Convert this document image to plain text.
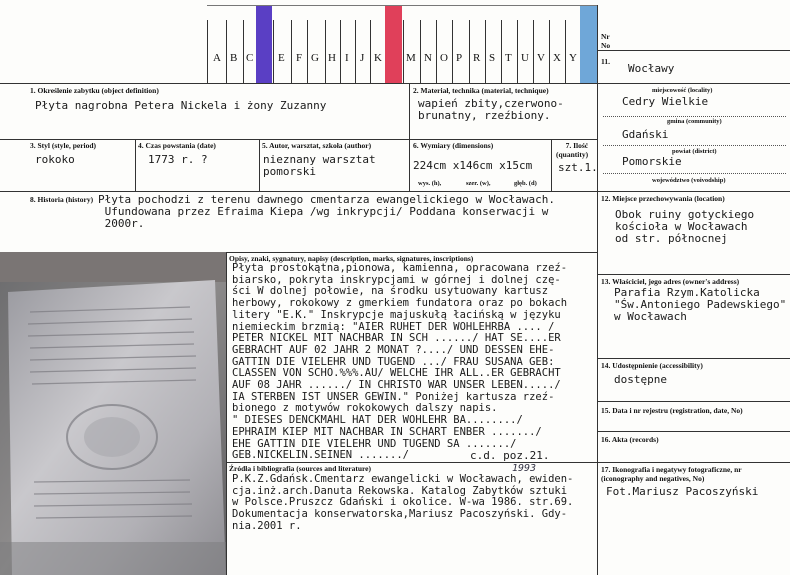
A B C E F G H I J K M N O P R S T U V X Y
Nr
No
11.
Wocławy
1. Określenie zabytku (object definition)
Płyta nagrobna Petera Nickela i żony Zuzanny
2. Materiał, technika (material, technique)
wapień zbity,czerwono-
brunatny, rzeźbiony.
3. Styl (style, period)
rokoko
4. Czas powstania (date)
1773 r. ?
5. Autor, warsztat, szkoła (author)
nieznany warsztat
pomorski
6. Wymiary (dimensions)
224cm x146cm x15cm
wys. (h),	szer. (w),	głęb. (d)
7. Ilość
(quantity)
szt.1.
8. Historia (history) Płyta pochodzi z terenu dawnego cmentarza ewangelickiego w Wocławach.
Ufundowana przez Efraima Kiepa /wg inkrypcji/ Poddana konserwacji w
2000r.
Opisy, znaki, sygnatury, napisy (description, marks, signatures, inscriptions)
Płyta prostokątna,pionowa, kamienna, opracowana rzeź-
biarsko, pokryta inskrypcjami w górnej i dolnej czę-
ści W dolnej połowie, na środku usytuowany kartusz
herbowy, rokokowy z gmerkiem fundatora oraz po bokach
litery "E.K." Inskrypcje majuskułą łacińską w języku
niemieckim brzmią: "AIER RUHET DER WOHLEHRBA .... /
PETER NICKEL MIT NACHBAR IN SCH ....../ HAT SE....ER
GEBRACHT AUF 02 JAHR 2 MONAT ?..../ UND DESSEN EHE-
GATTIN DIE VIELEHR UND TUGEND .../ FRAU SUSANA GEB:
CLASSEN VON SCHO.%%%.AU/ WELCHE IHR ALL..ER GEBRACHT
AUF 08 JAHR ....../ IN CHRISTO WAR UNSER LEBEN...../
IA STERBEN IST UNSER GEWIN." Poniżej kartusza rzeź-
bionego z motywów rokokowych dalszy napis.
" DIESES DENCKMAHL HAT DER WOHLEHR BA......../
EPHRAIM KIEP MIT NACHBAR IN SCHART ENBER ......./
EHE GATTIN DIE VIELEHR UND TUGEND SA ......./
GEB.NICKELIN.SEINEN ......./	c.d. poz.21.
Źródła i bibliografia (sources and literature)	1993
P.K.Z.Gdańsk.Cmentarz ewangelicki w Wocławach, ewiden-
cja.inż.arch.Danuta Rekowska. Katalog Zabytków sztuki
w Polsce.Pruszcz Gdański i okolice. W-wa 1986. str.69.
Dokumentacja konserwatorska,Mariusz Pacoszyński. Gdy-
nia.2001 r.
Cedry Wielkie
miejscowość (locality)
gmina (community)
Gdański
powiat (district)
Pomorskie
województwo (voivodship)
12. Miejsce przechowywania (location)
Obok ruiny gotyckiego
kościoła w Wocławach
od str. północnej
13. Właściciel, jego adres (owner's address)
Parafia Rzym.Katolicka
"Św.Antoniego Padewskiego"
w Wocławach
14. Udostępnienie (accessibility)
dostępne
15. Data i nr rejestru (registration, date, No)
16. Akta (records)
17. Ikonografia i negatywy fotograficzne, nr
(iconography and negatives, No)
Fot.Mariusz Pacoszyński
